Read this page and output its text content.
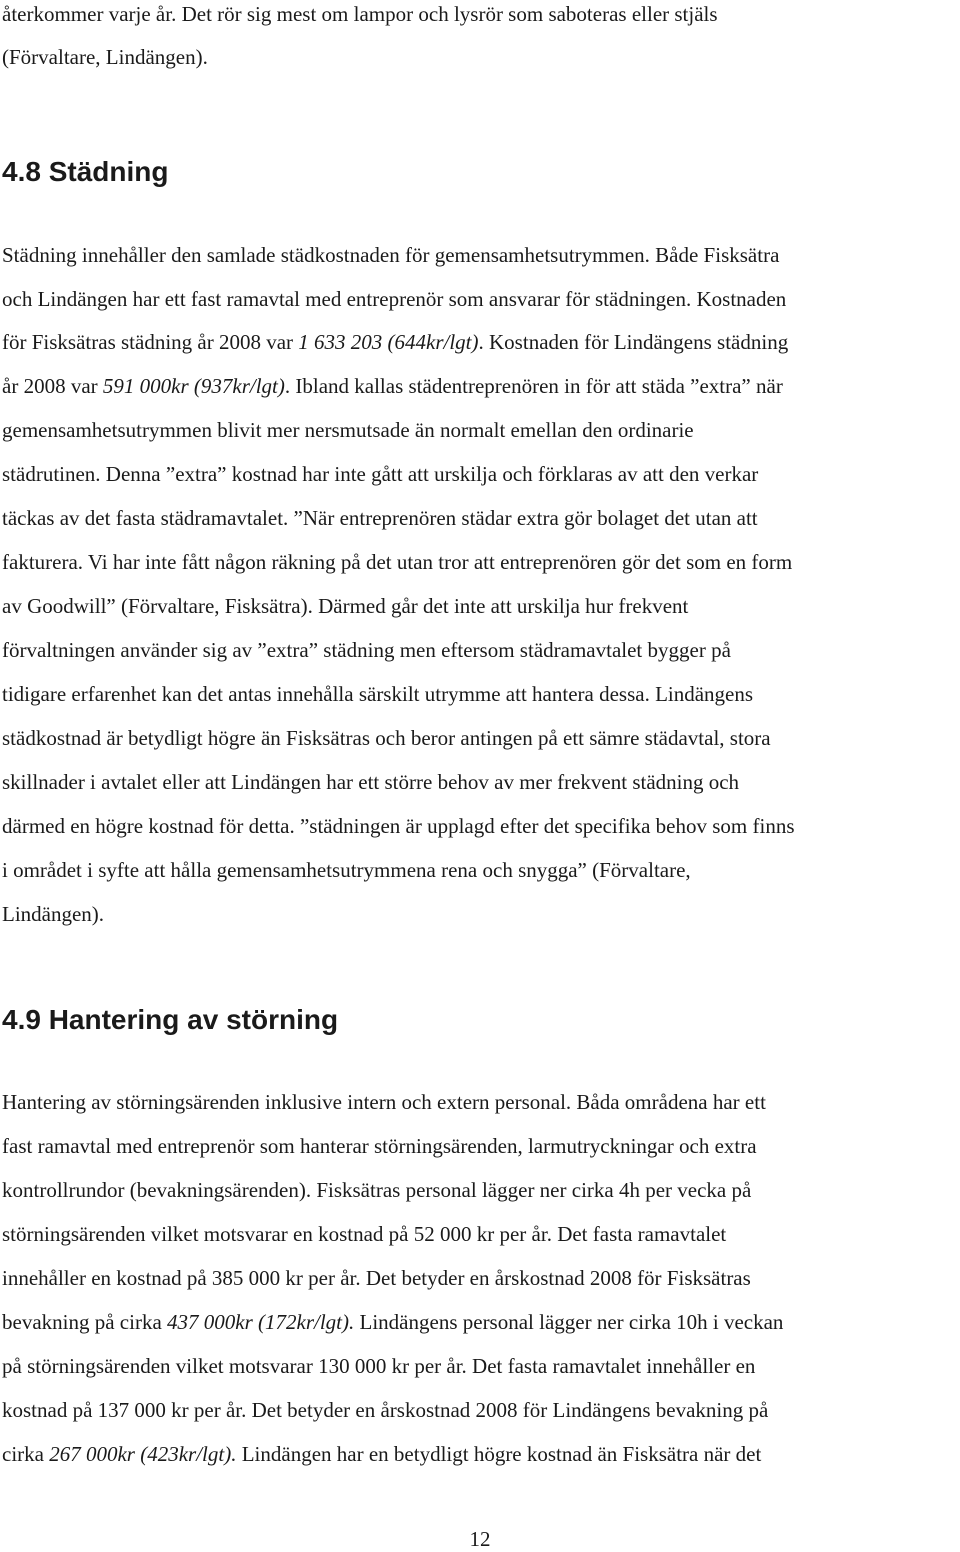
återkommer varje år. Det rör sig mest om lampor och lysrör som saboteras eller stjäls
(Förvaltare, Lindängen).
4.8 Städning
Städning innehåller den samlade städkostnaden för gemensamhetsutrymmen. Både Fisksätra
och Lindängen har ett fast ramavtal med entreprenör som ansvarar för städningen. Kostnaden
för Fisksätras städning år 2008 var 1 633 203 (644kr/lgt). Kostnaden för Lindängens städning
år 2008 var 591 000kr (937kr/lgt). Ibland kallas städentreprenören in för att städa ”extra” när
gemensamhetsutrymmen blivit mer nersmutsade än normalt emellan den ordinarie
städrutinen. Denna ”extra” kostnad har inte gått att urskilja och förklaras av att den verkar
täckas av det fasta städramavtalet. ”När entreprenören städar extra gör bolaget det utan att
fakturera. Vi har inte fått någon räkning på det utan tror att entreprenören gör det som en form
av Goodwill” (Förvaltare, Fisksätra). Därmed går det inte att urskilja hur frekvent
förvaltningen använder sig av ”extra” städning men eftersom städramavtalet bygger på
tidigare erfarenhet kan det antas innehålla särskilt utrymme att hantera dessa. Lindängens
städkostnad är betydligt högre än Fisksätras och beror antingen på ett sämre städavtal, stora
skillnader i avtalet eller att Lindängen har ett större behov av mer frekvent städning och
därmed en högre kostnad för detta. ”städningen är upplagd efter det specifika behov som finns
i området i syfte att hålla gemensamhetsutrymmena rena och snygga” (Förvaltare,
Lindängen).
4.9 Hantering av störning
Hantering av störningsärenden inklusive intern och extern personal. Båda områdena har ett
fast ramavtal med entreprenör som hanterar störningsärenden, larmutryckningar och extra
kontrollrundor (bevakningsärenden). Fisksätras personal lägger ner cirka 4h per vecka på
störningsärenden vilket motsvarar en kostnad på 52 000 kr per år. Det fasta ramavtalet
innehåller en kostnad på 385 000 kr per år. Det betyder en årskostnad 2008 för Fisksätras
bevakning på cirka 437 000kr (172kr/lgt). Lindängens personal lägger ner cirka 10h i veckan
på störningsärenden vilket motsvarar 130 000 kr per år. Det fasta ramavtalet innehåller en
kostnad på 137 000 kr per år. Det betyder en årskostnad 2008 för Lindängens bevakning på
cirka 267 000kr (423kr/lgt). Lindängen har en betydligt högre kostnad än Fisksätra när det
12
